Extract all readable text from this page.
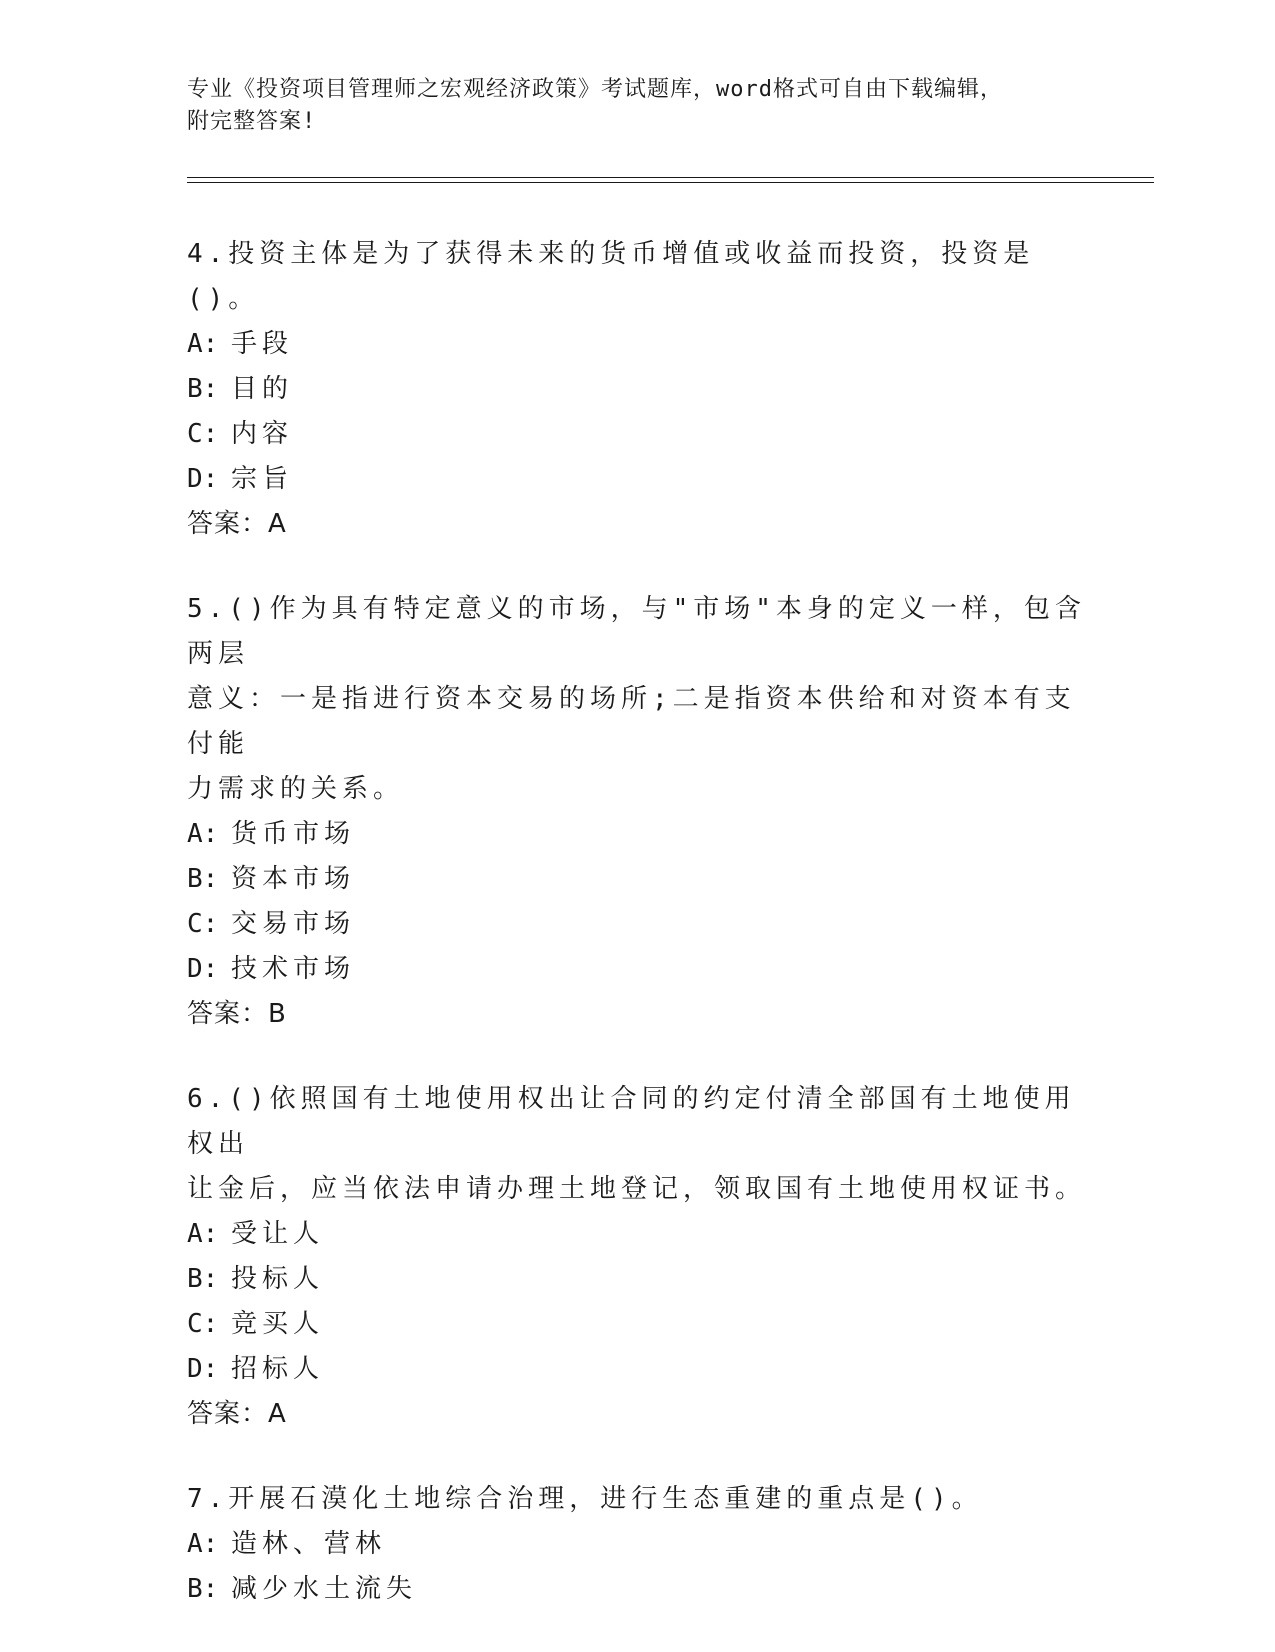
专业《投资项目管理师之宏观经济政策》考试题库，word格式可自由下载编辑，
附完整答案!
4.投资主体是为了获得未来的货币增值或收益而投资，投资是()。
A: 手段
B: 目的
C: 内容
D: 宗旨
答案：A
5.()作为具有特定意义的市场，与"市场"本身的定义一样，包含两层
意义：一是指进行资本交易的场所;二是指资本供给和对资本有支付能
力需求的关系。
A: 货币市场
B: 资本市场
C: 交易市场
D: 技术市场
答案：B
6.()依照国有土地使用权出让合同的约定付清全部国有土地使用权出
让金后，应当依法申请办理土地登记，领取国有土地使用权证书。
A: 受让人
B: 投标人
C: 竞买人
D: 招标人
答案：A
7.开展石漠化土地综合治理，进行生态重建的重点是()。
A: 造林、营林
B: 减少水土流失
